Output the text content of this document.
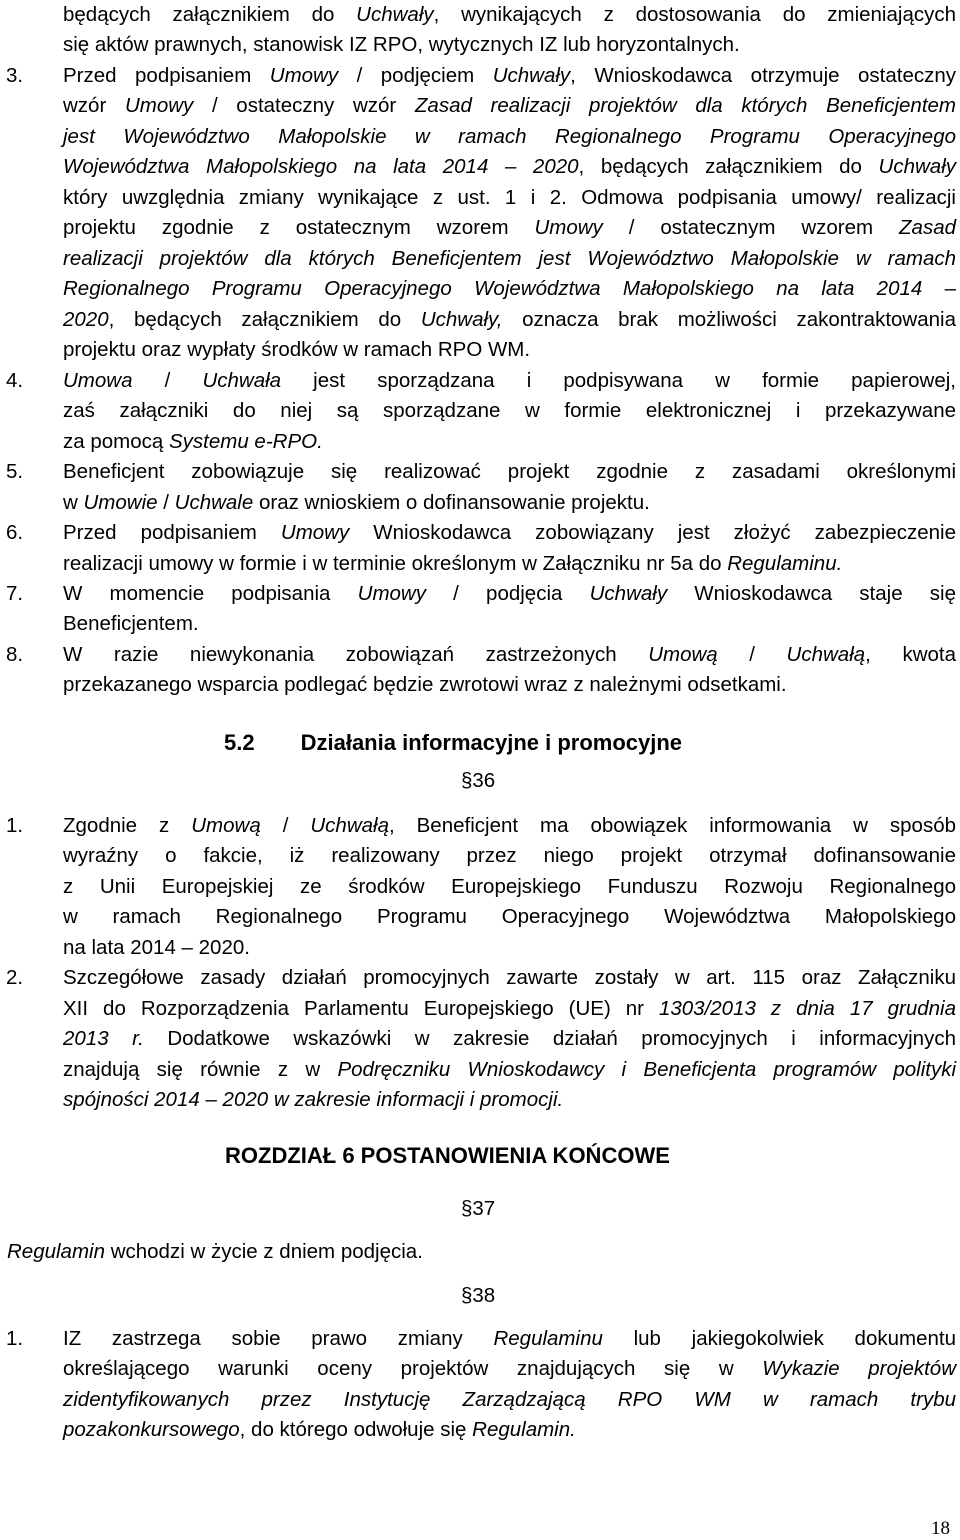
będących załącznikiem do Uchwały, wynikających z dostosowania do zmieniających
się aktów prawnych, stanowisk IZ RPO, wytycznych IZ lub horyzontalnych.
3. Przed podpisaniem Umowy / podjęciem Uchwały, Wnioskodawca otrzymuje ostateczny
wzór Umowy / ostateczny wzór Zasad realizacji projektów dla których Beneficjentem
jest Województwo Małopolskie w ramach Regionalnego Programu Operacyjnego
Województwa Małopolskiego na lata 2014 – 2020, będących załącznikiem do Uchwały
który uwzględnia zmiany wynikające z ust. 1 i 2. Odmowa podpisania umowy/ realizacji
projektu zgodnie z ostatecznym wzorem Umowy / ostatecznym wzorem Zasad
realizacji projektów dla których Beneficjentem jest Województwo Małopolskie w ramach
Regionalnego Programu Operacyjnego Województwa Małopolskiego na lata 2014 –
2020, będących załącznikiem do Uchwały, oznacza brak możliwości zakontraktowania
projektu oraz wypłaty środków w ramach RPO WM.
4. Umowa / Uchwała jest sporządzana i podpisywana w formie papierowej,
zaś załączniki do niej są sporządzane w formie elektronicznej i przekazywane
za pomocą Systemu e-RPO.
5. Beneficjent zobowiązuje się realizować projekt zgodnie z zasadami określonymi
w Umowie / Uchwale oraz wnioskiem o dofinansowanie projektu.
6. Przed podpisaniem Umowy Wnioskodawca zobowiązany jest złożyć zabezpieczenie
realizacji umowy w formie i w terminie określonym w Załączniku nr 5a do Regulaminu.
7. W momencie podpisania Umowy / podjęcia Uchwały Wnioskodawca staje się
Beneficjentem.
8. W razie niewykonania zobowiązań zastrzeżonych Umową / Uchwałą, kwota
przekazanego wsparcia podlegać będzie zwrotowi wraz z należnymi odsetkami.
5.2 Działania informacyjne i promocyjne
§36
1. Zgodnie z Umową / Uchwałą, Beneficjent ma obowiązek informowania w sposób
wyraźny o fakcie, iż realizowany przez niego projekt otrzymał dofinansowanie
z Unii Europejskiej ze środków Europejskiego Funduszu Rozwoju Regionalnego
w ramach Regionalnego Programu Operacyjnego Województwa Małopolskiego
na lata 2014 – 2020.
2. Szczegółowe zasady działań promocyjnych zawarte zostały w art. 115 oraz Załączniku
XII do Rozporządzenia Parlamentu Europejskiego (UE) nr 1303/2013 z dnia 17 grudnia
2013 r. Dodatkowe wskazówki w zakresie działań promocyjnych i informacyjnych
znajdują się równie z w Podręczniku Wnioskodawcy i Beneficjenta programów polityki
spójności 2014 – 2020 w zakresie informacji i promocji.
ROZDZIAŁ 6 POSTANOWIENIA KOŃCOWE
§37
Regulamin wchodzi w życie z dniem podjęcia.
§38
1. IZ zastrzega sobie prawo zmiany Regulaminu lub jakiegokolwiek dokumentu
określającego warunki oceny projektów znajdujących się w Wykazie projektów
zidentyfikowanych przez Instytucję Zarządzającą RPO WM w ramach trybu
pozakonkursowego, do którego odwołuje się Regulamin.
18
